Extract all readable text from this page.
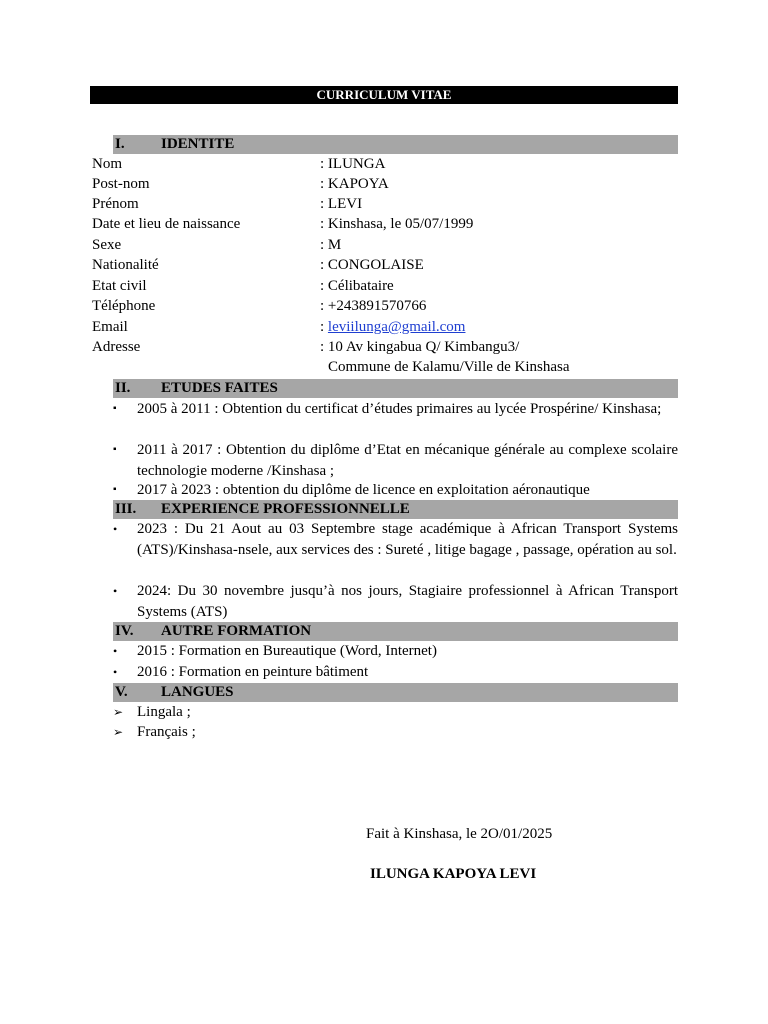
CURRICULUM VITAE
I. IDENTITE
Nom	: ILUNGA
Post-nom	: KAPOYA
Prénom	: LEVI
Date et lieu de naissance	: Kinshasa, le 05/07/1999
Sexe	: M
Nationalité	: CONGOLAISE
Etat civil	: Célibataire
Téléphone	: +243891570766
Email	: leviilunga@gmail.com
Adresse	: 10 Av kingabua Q/ Kimbangu3/
Commune de Kalamu/Ville de Kinshasa
II. ETUDES FAITES
▪ 2005 à 2011 : Obtention du certificat d’études primaires au lycée Prospérine/ Kinshasa;
▪ 2011 à 2017 : Obtention du diplôme d’Etat en mécanique générale au complexe scolaire technologie moderne /Kinshasa ;
▪ 2017 à 2023 : obtention du diplôme de licence en exploitation aéronautique
III. EXPERIENCE PROFESSIONNELLE
• 2023 : Du 21 Aout au 03 Septembre stage académique à African Transport Systems (ATS)/Kinshasa-nsele, aux services des : Sureté , litige bagage , passage, opération au sol.
• 2024: Du 30 novembre jusqu’à nos jours, Stagiaire professionnel à African Transport Systems (ATS)
IV. AUTRE FORMATION
• 2015 : Formation en Bureautique (Word, Internet)
• 2016 : Formation en peinture bâtiment
V. LANGUES
➢ Lingala ;
➢ Français ;
Fait à Kinshasa, le 2O/01/2025
ILUNGA KAPOYA LEVI
